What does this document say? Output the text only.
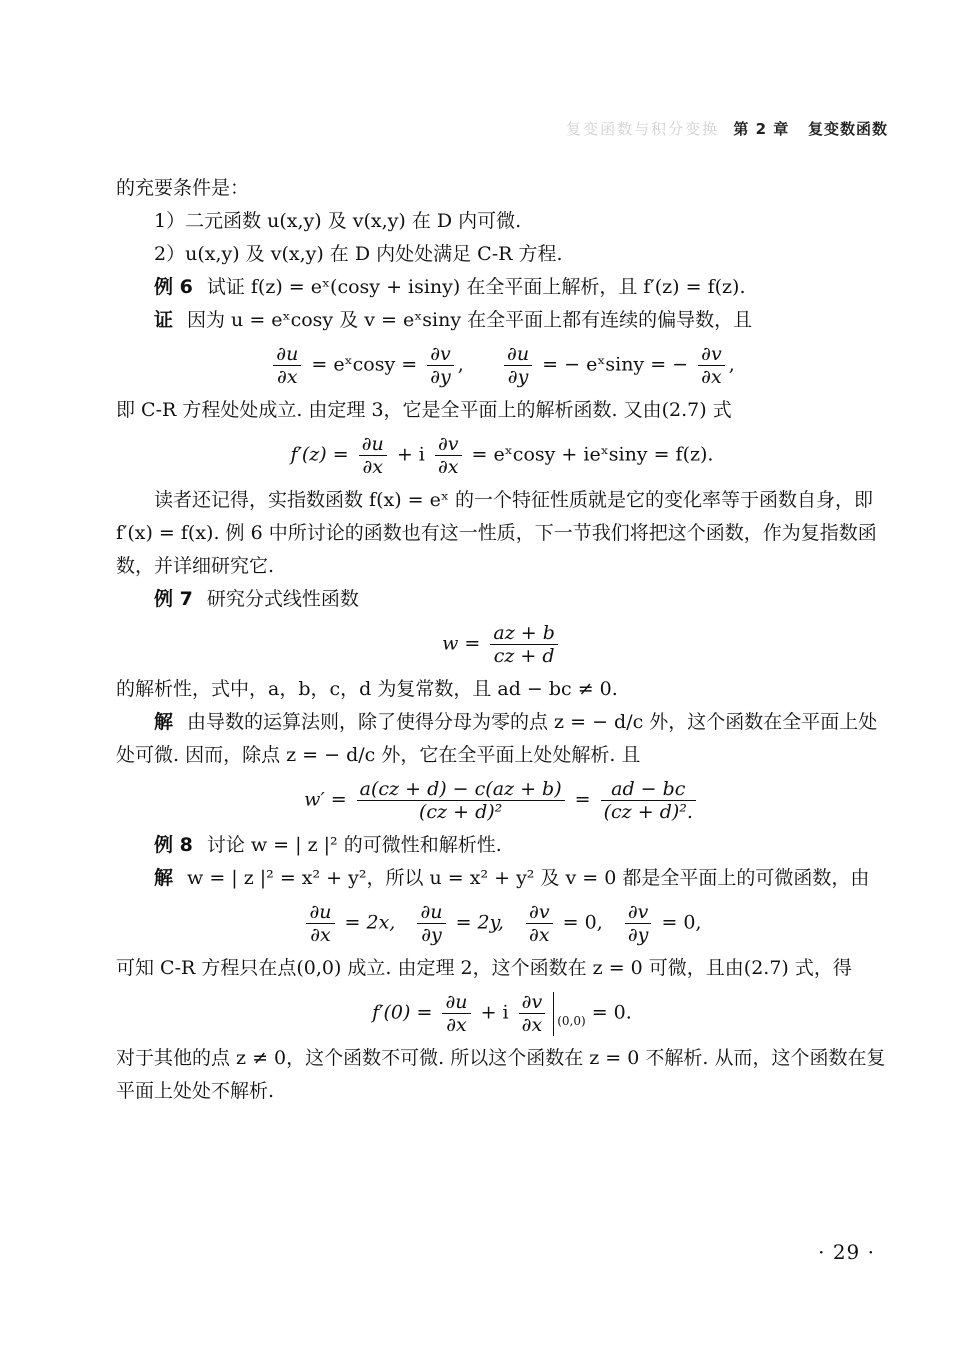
复变函数与积分变换 第 2 章 复变数函数

的充要条件是：

1）二元函数 u(x,y) 及 v(x,y) 在 D 内可微.

2）u(x,y) 及 v(x,y) 在 D 内处处满足 C-R 方程.

例 6 试证 f(z) = eˣ(cosy + isiny) 在全平面上解析，且 f′(z) = f(z).

证 因为 u = eˣcosy 及 v = eˣsiny 在全平面上都有连续的偏导数，且

$\frac{\partial u}{\partial x}$ = eˣcosy = $\frac{\partial v}{\partial y}$ , $\frac{\partial u}{\partial y}$ = − eˣsiny = − $\frac{\partial v}{\partial x}$ ,

即 C-R 方程处处成立. 由定理 3，它是全平面上的解析函数. 又由(2.7) 式

$f'(z) = \frac{\partial u}{\partial x} + i \frac{\partial v}{\partial x}$ = eˣcosy + ieˣsiny = f(z).

读者还记得，实指数函数 f(x) = eˣ 的一个特征性质就是它的变化率等于函数自身，即 f′(x) = f(x). 例 6 中所讨论的函数也有这一性质，下一节我们将把这个函数，作为复指数函数，并详细研究它.

例 7 研究分式线性函数

$w = \frac{az + b}{cz + d}$

的解析性，式中，a，b，c，d 为复常数，且 ad − bc ≠ 0.

解 由导数的运算法则，除了使得分母为零的点 z = − d/c 外，这个函数在全平面上处处可微. 因而，除点 z = − d/c 外，它在全平面上处处解析. 且

$w' = \frac{a(cz + d) - c(az + b)}{\text{(cz + d)²}} = \frac{ad - bc}{\text{(cz + d)².}}$

例 8 讨论 w = | z |² 的可微性和解析性.

解 w = | z |² = x² + y²，所以 u = x² + y² 及 v = 0 都是全平面上的可微函数，由

$\frac{\partial u}{\partial x} = 2x$, $\frac{\partial u}{\partial y} = 2y$, $\frac{\partial v}{\partial x} = 0$, $\frac{\partial v}{\partial y} = 0$,

可知 C-R 方程只在点(0,0) 成立. 由定理 2，这个函数在 z = 0 可微，且由(2.7) 式，得

$f'(0) = \frac{\partial u}{\partial x} + i \frac{\partial v}{\partial x} _{(0,0)} = 0$.

对于其他的点 z ≠ 0，这个函数不可微. 所以这个函数在 z = 0 不解析. 从而，这个函数在复平面上处处不解析.

· 29 ·
